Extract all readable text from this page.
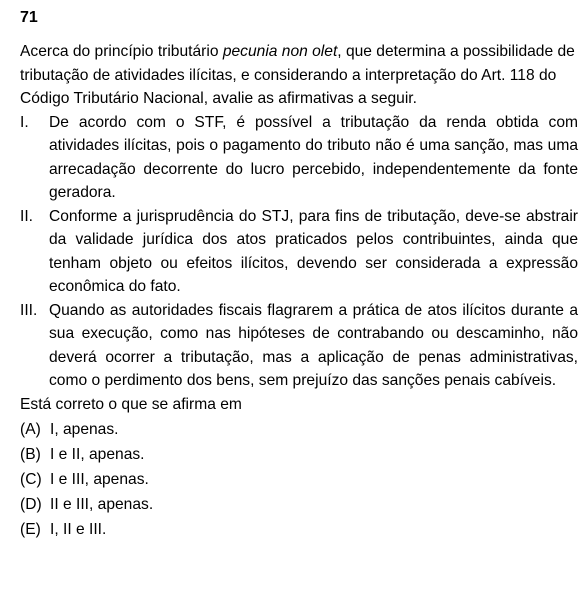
71

Acerca do princípio tributário pecunia non olet, que determina a possibilidade de tributação de atividades ilícitas, e considerando a interpretação do Art. 118 do Código Tributário Nacional, avalie as afirmativas a seguir.

I.	De acordo com o STF, é possível a tributação da renda obtida com atividades ilícitas, pois o pagamento do tributo não é uma sanção, mas uma arrecadação decorrente do lucro percebido, independentemente da fonte geradora.
II.	Conforme a jurisprudência do STJ, para fins de tributação, deve-se abstrair da validade jurídica dos atos praticados pelos contribuintes, ainda que tenham objeto ou efeitos ilícitos, devendo ser considerada a expressão econômica do fato.
III. Quando as autoridades fiscais flagrarem a prática de atos ilícitos durante a sua execução, como nas hipóteses de contrabando ou descaminho, não deverá ocorrer a tributação, mas a aplicação de penas administrativas, como o perdimento dos bens, sem prejuízo das sanções penais cabíveis.

Está correto o que se afirma em

(A) I, apenas.
(B) I e II, apenas.
(C) I e III, apenas.
(D) II e III, apenas.
(E) I, II e III.
